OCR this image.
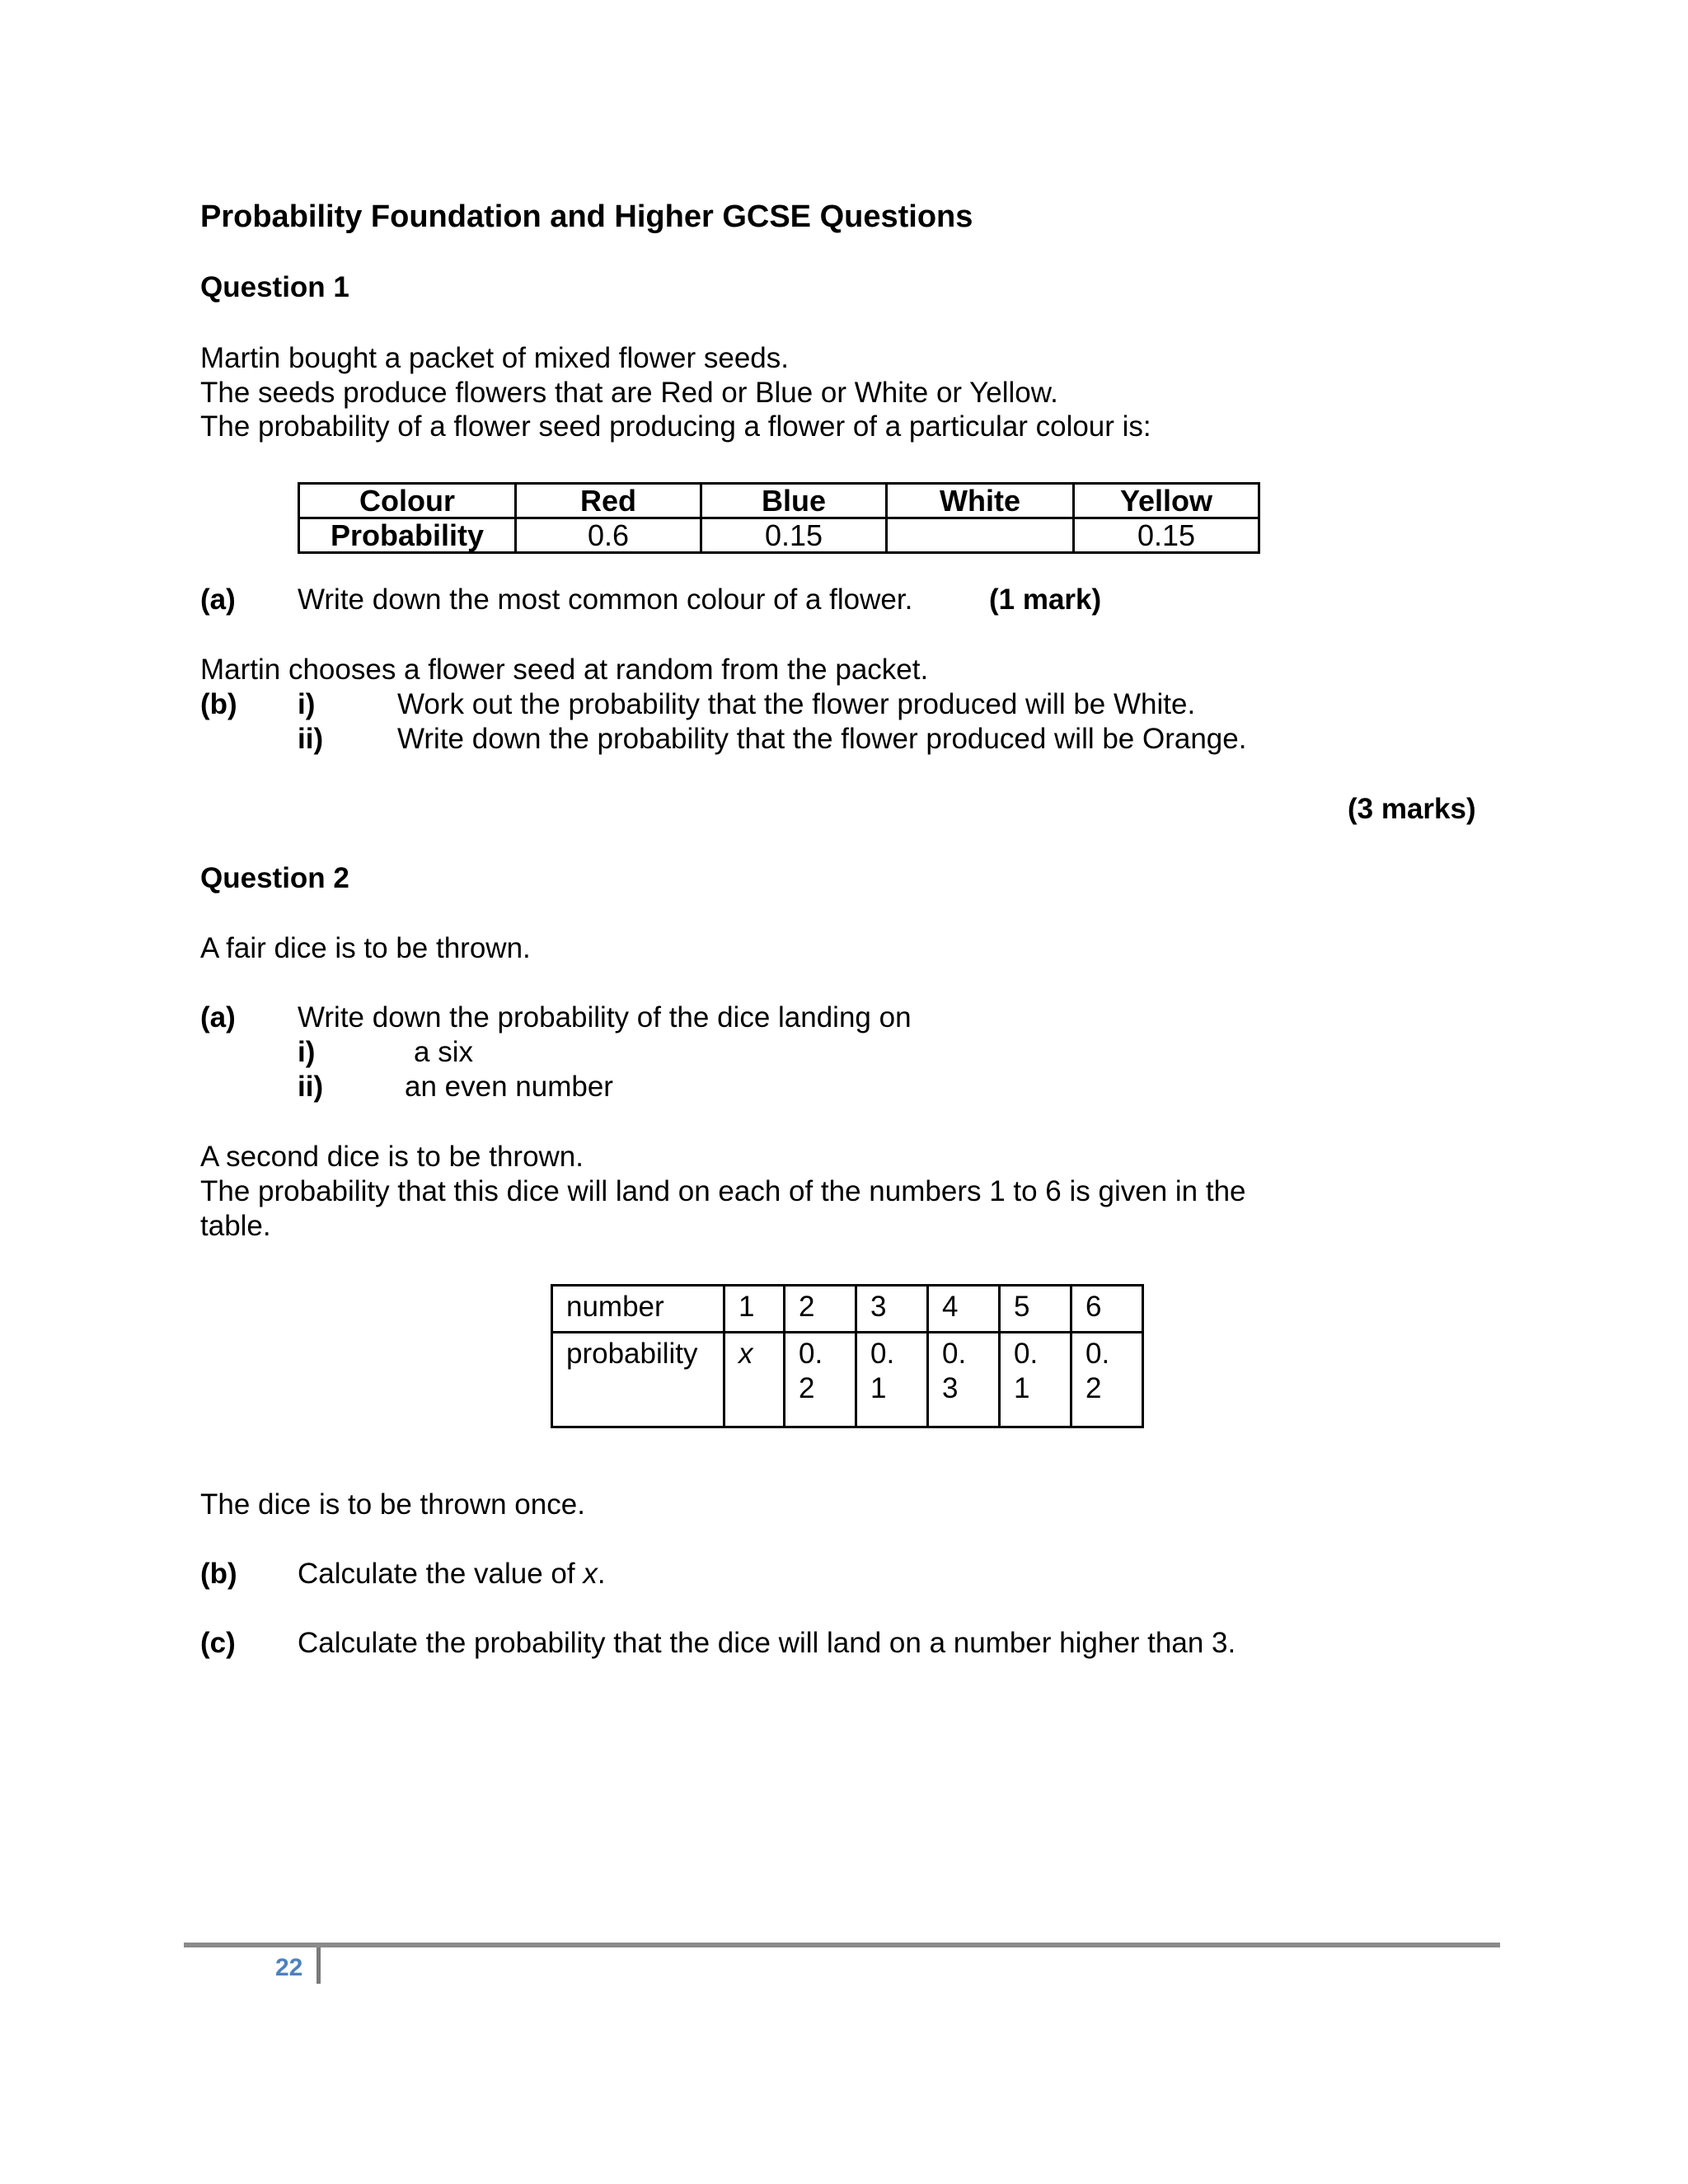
Probability Foundation and Higher GCSE Questions
Question 1

Martin bought a packet of mixed flower seeds.

The seeds produce flowers that are Red or Blue or White or Yellow.

The probability of a flower seed producing a flower of a particular colour is:

Colour	Red	Blue	White	Yellow
Probability	0.6	0.15		0.15
(a) Write down the most common colour of a flower.	(1 mark)

Martin chooses a flower seed at random from the packet.

(b) i)	Work out the probability that the flower produced will be White.
ii)	Write down the probability that the flower produced will be Orange.
(3 marks)
Question 2

A fair dice is to be thrown.

(a) Write down the probability of the dice landing on
i)	a six
ii)	an even number

A second dice is to be thrown.

The probability that this dice will land on each of the numbers 1 to 6 is given in the

table.

number	1	2	3	4	5	6
probability	x	0.2	0.1	0.3	0.1	0.2

The dice is to be thrown once.

(b) Calculate the value of x.
(c) Calculate the probability that the dice will land on a number higher than 3.
22
